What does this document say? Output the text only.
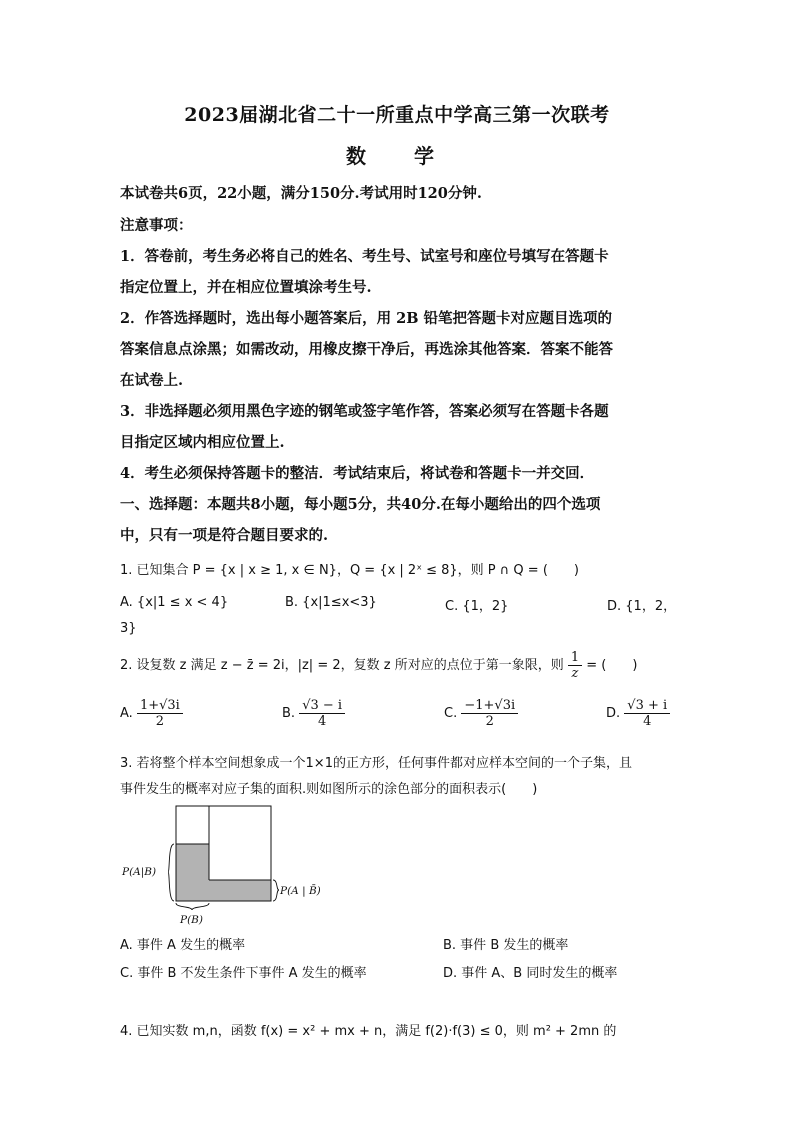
2023届湖北省二十一所重点中学高三第一次联考
数　学
本试卷共6页，22小题，满分150分.考试用时120分钟.
注意事项：
1．答卷前，考生务必将自己的姓名、考生号、试室号和座位号填写在答题卡
指定位置上，并在相应位置填涂考生号.
2．作答选择题时，选出每小题答案后，用 2B 铅笔把答题卡对应题目选项的
答案信息点涂黑；如需改动，用橡皮擦干净后，再选涂其他答案．答案不能答
在试卷上.
3．非选择题必须用黑色字迹的钢笔或签字笔作答，答案必须写在答题卡各题
目指定区域内相应位置上.
4．考生必须保持答题卡的整洁．考试结束后，将试卷和答题卡一并交回．
一、选择题：本题共8小题，每小题5分，共40分.在每小题给出的四个选项
中，只有一项是符合题目要求的.
1. 已知集合 P = {x | x ≥ 1, x ∈ N}，Q = {x | 2ˣ ≤ 8}，则 P ∩ Q = (　　)
A. {x|1 ≤ x < 4}	B. {x|1≤x<3}	C. {1，2}	D. {1，2，
3}
2. 设复数 z 满足 z − z̄ = 2i，|z| = 2，复数 z 所对应的点位于第一象限，则 $\frac{1}{z}$ = (　　)
A. $\frac{1+√3i}{2}$	B. $\frac{√3 - i}{4}$	C. $\frac{-1+√3i}{2}$	D. $\frac{√3 + i}{4}$
3. 若将整个样本空间想象成一个1×1的正方形，任何事件都对应样本空间的一个子集，且
事件发生的概率对应子集的面积.则如图所示的涂色部分的面积表示(　　)
P(A|B)
P(A | B̄)
P(B)
A. 事件 A 发生的概率	B. 事件 B 发生的概率
C. 事件 B 不发生条件下事件 A 发生的概率	D. 事件 A、B 同时发生的概率
4. 已知实数 m,n，函数 f(x) = x² + mx + n，满足 f(2)·f(3) ≤ 0，则 m² + 2mn 的
